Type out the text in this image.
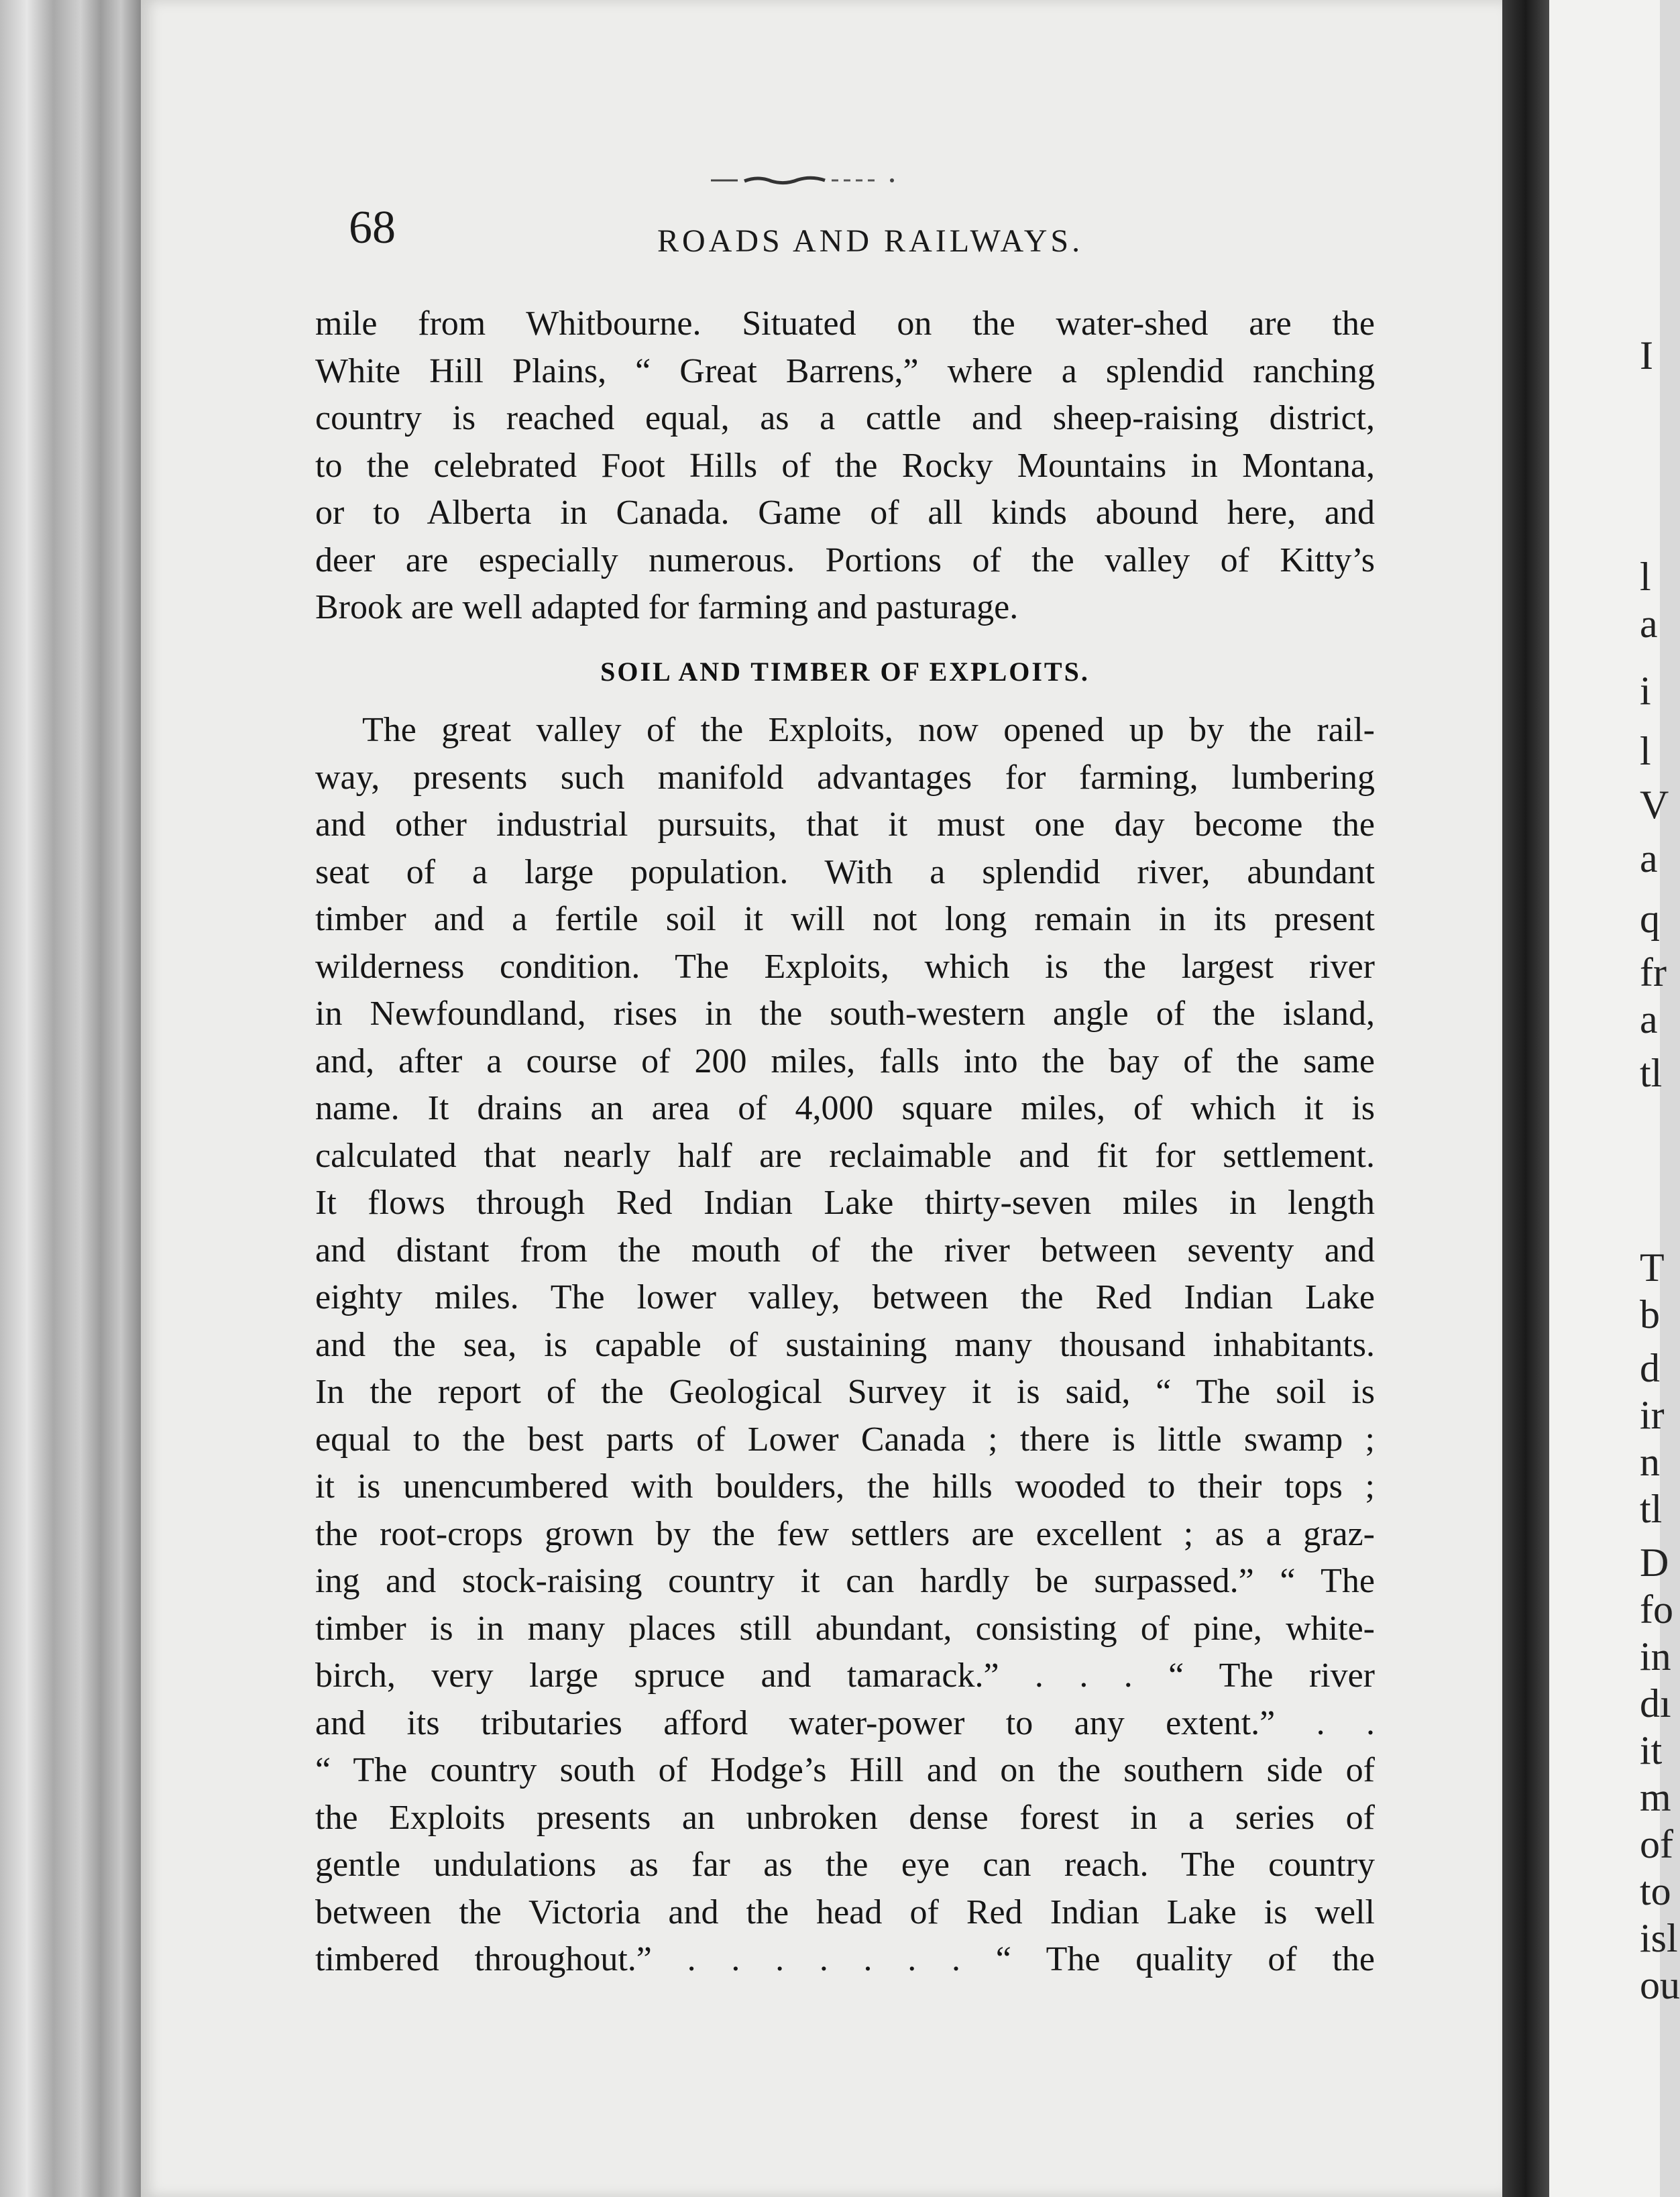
68	ROADS AND RAILWAYS.

mile from Whitbourne. Situated on the water-shed are the
White Hill Plains, “ Great Barrens,” where a splendid ranching
country is reached equal, as a cattle and sheep-raising district,
to the celebrated Foot Hills of the Rocky Mountains in Montana,
or to Alberta in Canada. Game of all kinds abound here, and
deer are especially numerous. Portions of the valley of Kitty’s
Brook are well adapted for farming and pasturage.

SOIL AND TIMBER OF EXPLOITS.

The great valley of the Exploits, now opened up by the rail-
way, presents such manifold advantages for farming, lumbering
and other industrial pursuits, that it must one day become the
seat of a large population. With a splendid river, abundant
timber and a fertile soil it will not long remain in its present
wilderness condition. The Exploits, which is the largest river
in Newfoundland, rises in the south-western angle of the island,
and, after a course of 200 miles, falls into the bay of the same
name. It drains an area of 4,000 square miles, of which it is
calculated that nearly half are reclaimable and fit for settlement.
It flows through Red Indian Lake thirty-seven miles in length
and distant from the mouth of the river between seventy and
eighty miles. The lower valley, between the Red Indian Lake
and the sea, is capable of sustaining many thousand inhabitants.
In the report of the Geological Survey it is said, “ The soil is
equal to the best parts of Lower Canada ; there is little swamp ;
it is unencumbered with boulders, the hills wooded to their tops ;
the root-crops grown by the few settlers are excellent ; as a graz-
ing and stock-raising country it can hardly be surpassed.” “ The
timber is in many places still abundant, consisting of pine, white-
birch, very large spruce and tamarack.” . . . “ The river
and its tributaries afford water-power to any extent.” . .
“ The country south of Hodge’s Hill and on the southern side of
the Exploits presents an unbroken dense forest in a series of
gentle undulations as far as the eye can reach. The country
between the Victoria and the head of Red Indian Lake is well
timbered throughout.” . . . . . . . “ The quality of the
I
l
a
i
l
V
a
q
fr
a
tl
T
b
d
ir
n
tl
D
fo
in
dı
it
m
of
to
isl
ou
